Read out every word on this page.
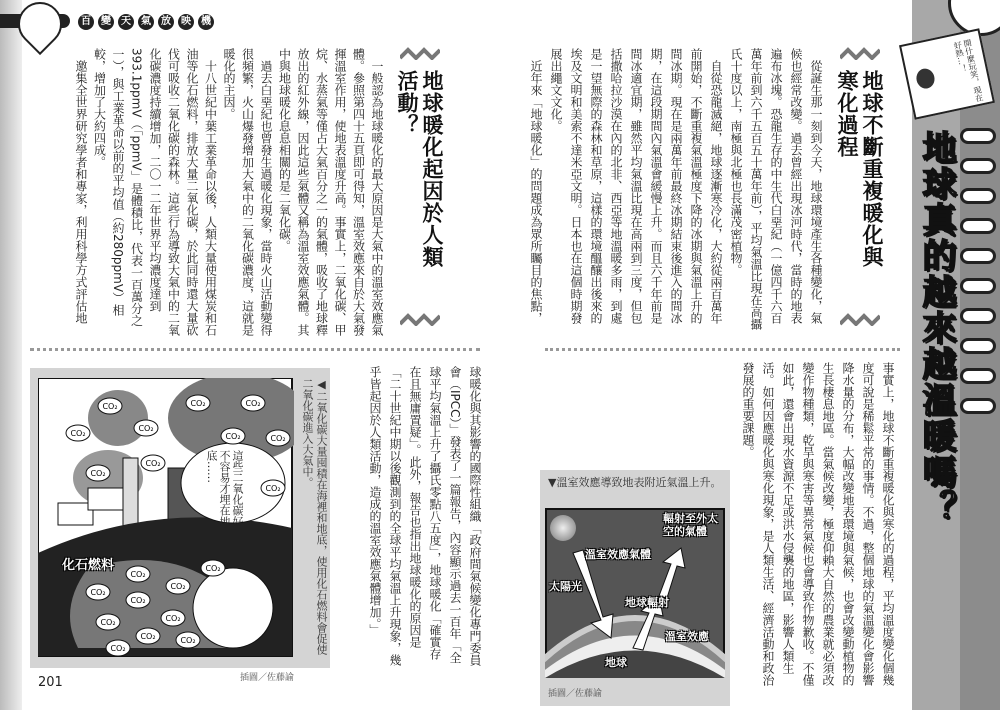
百	變	天	氣	放	映	機
開什麼玩笑，現在好熱…！
地球真的越來越溫暖嗎？
地球不斷重複暖化與寒化過程

從誕生那一刻到今天，地球環境產生各種變化，氣候也經常改變。過去曾經出現冰河時代，當時的地表遍布冰塊。恐龍生存的中生代白堊紀（一億四千六百萬年前到六千五百五十萬年前），平均氣溫比現在高攝氏十度以上，南極與北極也長滿茂密植物。

自從恐龍滅絕，地球逐漸寒冷化，大約從兩百萬年前開始，不斷重複氣溫極度下降的冰期與氣溫上升的間冰期。現在是兩萬年前最終冰期結束後進入的間冰期，在這段期間內氣溫會緩慢上升。而且六千年前是間冰適宜期，雖然平均氣溫比現在高兩到三度，但包括撒哈拉沙漠在內的北非、西亞等地溫暖多雨，到處是一望無際的森林和草原，這樣的環境醞釀出後來的埃及文明和美索不達米亞文明。日本也在這個時期發展出繩文文化。

近年來「地球暖化」的問題成為眾所矚目的焦點，

事實上，地球不斷重複暖化與寒化的過程，平均溫度變化個幾度可說是稀鬆平常的事情。不過，整個地球的氣溫變化會影響降水量的分布，大幅改變地表環境與氣候，也會改變動植物的生長棲息地區。當氣候改變，極度仰賴大自然的農業就必須改變作物種類，乾旱與寒害等異常氣候也會導致作物歉收。不僅如此，還會出現水資源不足或洪水侵襲的地區，影響人類生活。如何因應暖化與寒化現象，是人類生活、經濟活動和政治發展的重要課題。

▼溫室效應導致地表附近氣溫上升。
輻射至外太空的氣體
溫室效應氣體
太陽光
地球輻射
溫室效應
地球
插圖／佐藤諭
地球暖化起因於人類活動？

一般認為地球暖化的最大原因是大氣中的溫室效應氣體。參照第四十五頁即可得知，溫室效應來自於大氣發揮溫室作用，使地表溫度升高。事實上，二氧化碳、甲烷、水蒸氣等僅占大氣百分之一的氣體，吸收了地球釋放出的紅外線，因此這些氣體又稱為溫室效應氣體。其中與地球暖化息息相關的是二氧化碳。

過去白堊紀也曾發生過暖化現象，當時火山活動變得很頻繁，火山爆發增加大氣中的二氧化碳濃度，這就是暖化的主因。

十八世紀中葉工業革命以後，人類大量使用煤炭和石油等化石燃料，排放大量二氧化碳，於此同時還大量砍伐可吸收二氧化碳的森林。這些行為導致大氣中的二氧化碳濃度持續增加，二〇一二年世界平均濃度達到393.1ppmV（「ppmV」是體積比，代表一百萬分之一），與工業革命以前的平均值（約280ppmV）相較，增加了大約四成。

邀集全世界研究學者和專家，利用科學方式評估地

球暖化與其影響的國際性組織「政府間氣候變化專門委員會（IPCC）」發表了一篇報告，內容顯示過去一百年「全球平均氣溫上升了攝氏零點八五度」，地球暖化「確實存在且無庸置疑」。此外，報告也指出地球暖化的原因是「二十世紀中期以後觀測到的全球平均氣溫上升現象，幾乎皆起因於人類活動，造成的溫室效應氣體增加。」

◀二氧化碳大量囤積在海裡和地底，使用化石燃料會促使二氧化碳進入大氣中。
CO₂
CO₂
CO₂
CO₂
CO₂	CO₂
CO₂
CO₂
CO₂
CO₂
CO₂
CO₂
CO₂
CO₂
CO₂
CO₂	CO₂
CO₂
CO₂
CO₂
這些二氧化碳好不容易才埋在地底……
化石燃料
插圖／佐藤諭
201
